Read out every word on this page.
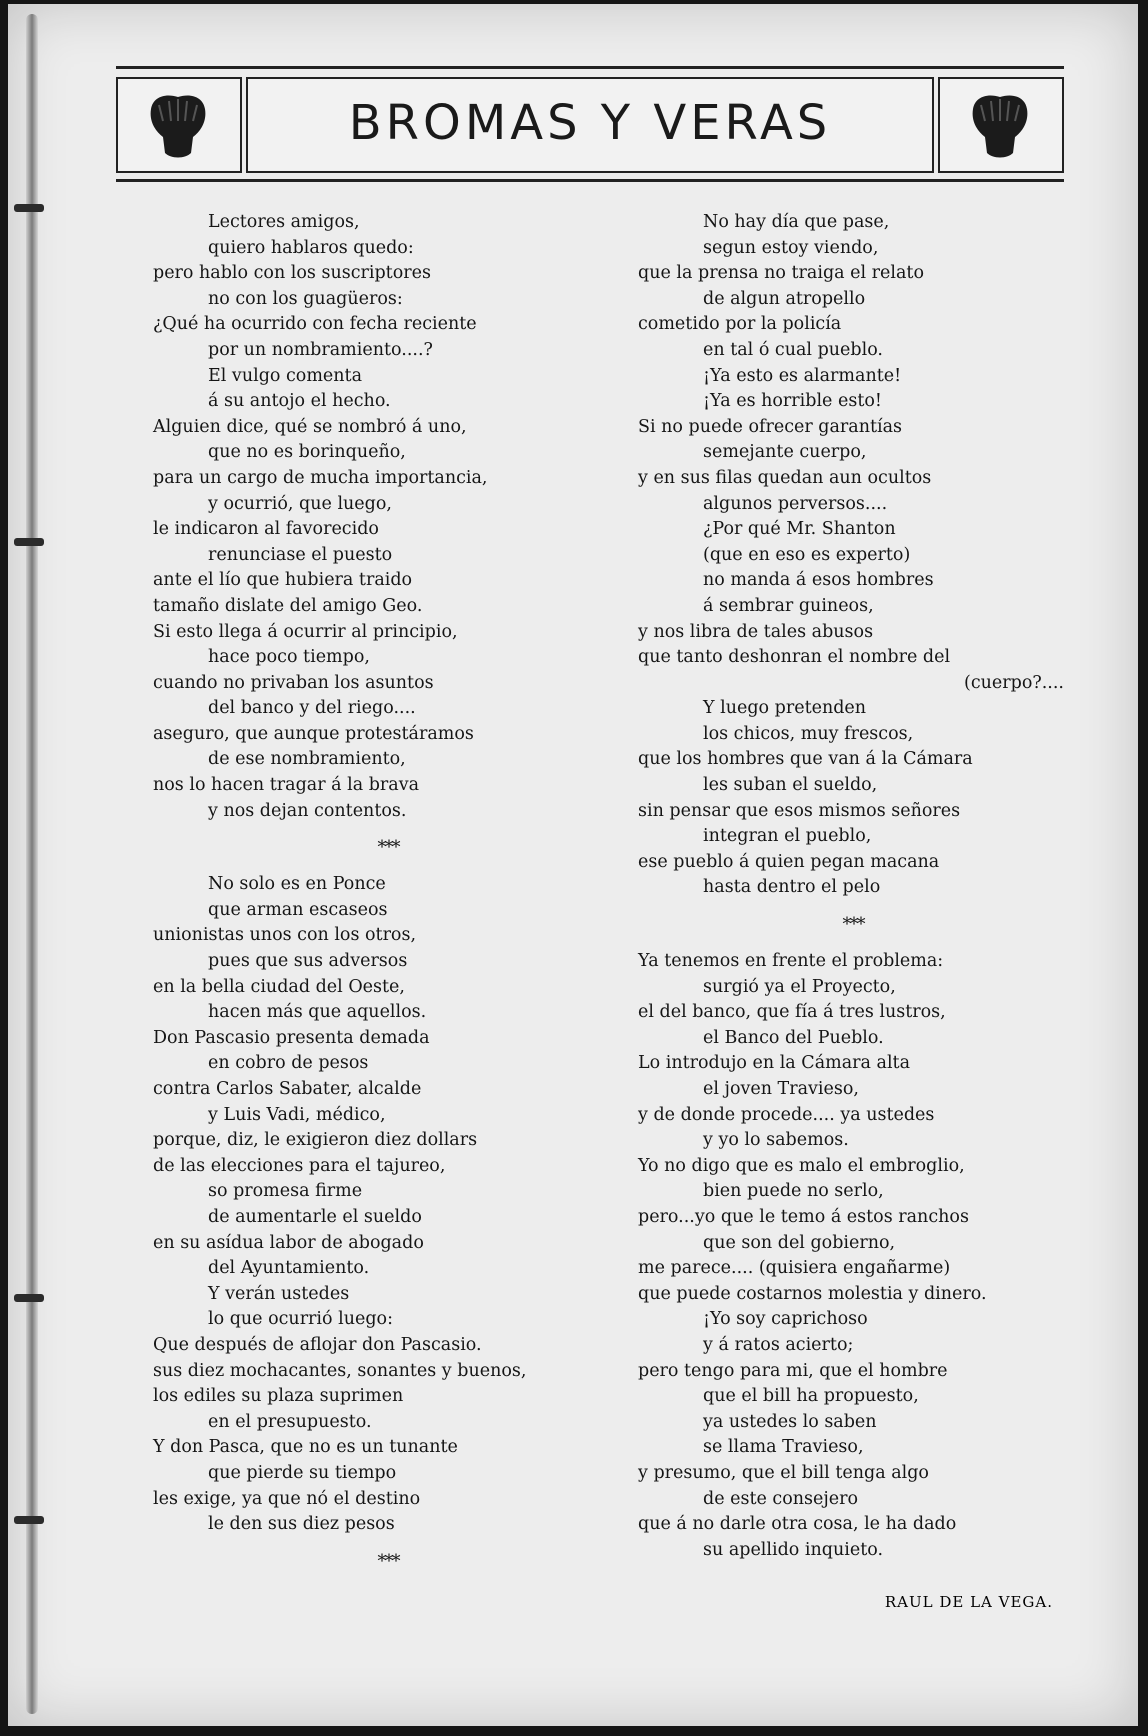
BROMAS Y VERAS
Lectores amigos,
quiero hablaros quedo:
pero hablo con los suscriptores
no con los guagüeros:
¿Qué ha ocurrido con fecha reciente
por un nombramiento....?
El vulgo comenta
á su antojo el hecho.
Alguien dice, qué se nombró á uno,
que no es borinqueño,
para un cargo de mucha importancia,
y ocurrió, que luego,
le indicaron al favorecido
renunciase el puesto
ante el lío que hubiera traido
tamaño dislate del amigo Geo.
Si esto llega á ocurrir al principio,
hace poco tiempo,
cuando no privaban los asuntos
del banco y del riego....
aseguro, que aunque protestáramos
de ese nombramiento,
nos lo hacen tragar á la brava
y nos dejan contentos.
***
No solo es en Ponce
que arman escaseos
unionistas unos con los otros,
pues que sus adversos
en la bella ciudad del Oeste,
hacen más que aquellos.
Don Pascasio presenta demada
en cobro de pesos
contra Carlos Sabater, alcalde
y Luis Vadi, médico,
porque, diz, le exigieron diez dollars
de las elecciones para el tajureo,
so promesa firme
de aumentarle el sueldo
en su asídua labor de abogado
del Ayuntamiento.
Y verán ustedes
lo que ocurrió luego:
Que después de aflojar don Pascasio.
sus diez mochacantes, sonantes y buenos,
los ediles su plaza suprimen
en el presupuesto.
Y don Pasca, que no es un tunante
que pierde su tiempo
les exige, ya que nó el destino
le den sus diez pesos
***
No hay día que pase,
segun estoy viendo,
que la prensa no traiga el relato
de algun atropello
cometido por la policía
en tal ó cual pueblo.
¡Ya esto es alarmante!
¡Ya es horrible esto!
Si no puede ofrecer garantías
semejante cuerpo,
y en sus filas quedan aun ocultos
algunos perversos....
¿Por qué Mr. Shanton
(que en eso es experto)
no manda á esos hombres
á sembrar guineos,
y nos libra de tales abusos
que tanto deshonran el nombre del
(cuerpo?....
Y luego pretenden
los chicos, muy frescos,
que los hombres que van á la Cámara
les suban el sueldo,
sin pensar que esos mismos señores
integran el pueblo,
ese pueblo á quien pegan macana
hasta dentro el pelo
***
Ya tenemos en frente el problema:
surgió ya el Proyecto,
el del banco, que fía á tres lustros,
el Banco del Pueblo.
Lo introdujo en la Cámara alta
el joven Travieso,
y de donde procede.... ya ustedes
y yo lo sabemos.
Yo no digo que es malo el embroglio,
bien puede no serlo,
pero...yo que le temo á estos ranchos
que son del gobierno,
me parece.... (quisiera engañarme)
que puede costarnos molestia y dinero.
¡Yo soy caprichoso
y á ratos acierto;
pero tengo para mi, que el hombre
que el bill ha propuesto,
ya ustedes lo saben
se llama Travieso,
y presumo, que el bill tenga algo
de este consejero
que á no darle otra cosa, le ha dado
su apellido inquieto.
RAUL DE LA VEGA.
